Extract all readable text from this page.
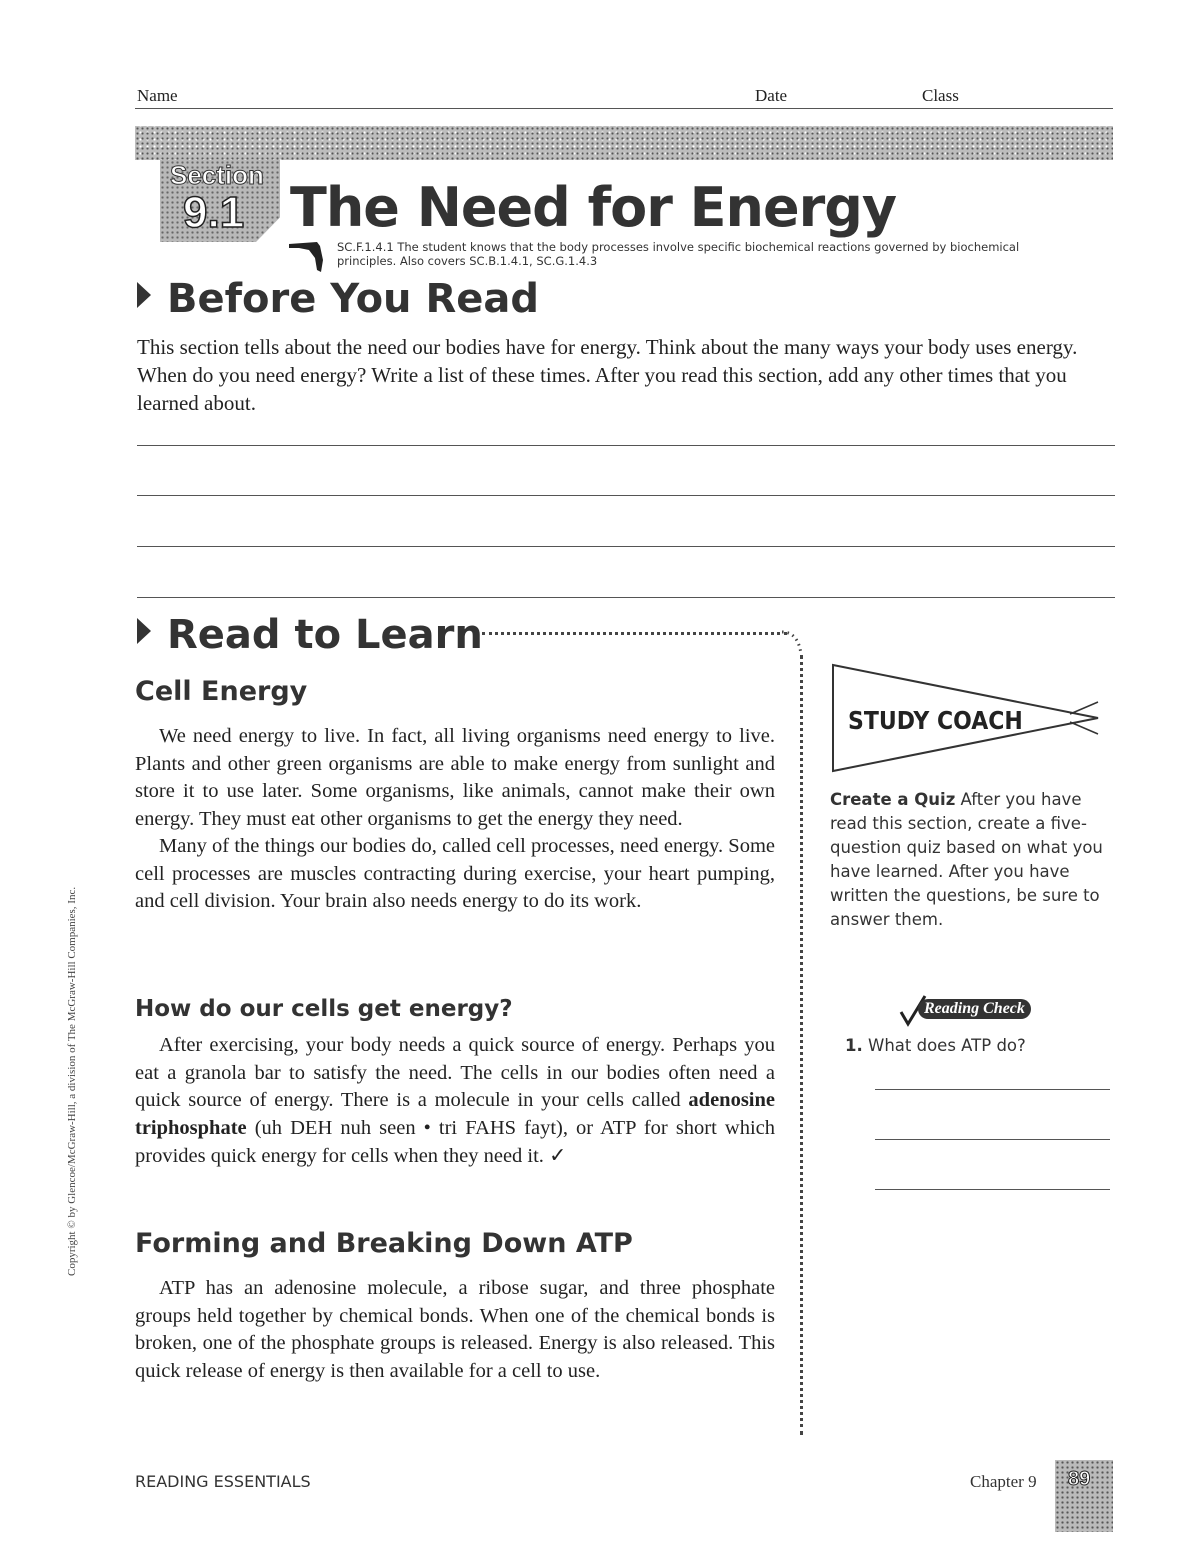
Name	Date	Class
Section
9.1 The Need for Energy
SC.F.1.4.1 The student knows that the body processes involve specific biochemical reactions governed by biochemical
principles. Also covers SC.B.1.4.1, SC.G.1.4.3
Before You Read
This section tells about the need our bodies have for energy. Think about the many ways your body uses energy. When do you need energy? Write a list of these times. After you read this section, add any other times that you learned about.
Read to Learn
Cell Energy

We need energy to live. In fact, all living organisms need energy to live. Plants and other green organisms are able to make energy from sunlight and store it to use later. Some organisms, like animals, cannot make their own energy. They must eat other organisms to get the energy they need.

Many of the things our bodies do, called cell processes, need energy. Some cell processes are muscles contracting during exercise, your heart pumping, and cell division. Your brain also needs energy to do its work.

How do our cells get energy?

After exercising, your body needs a quick source of energy. Perhaps you eat a granola bar to satisfy the need. The cells in our bodies often need a quick source of energy. There is a molecule in your cells called adenosine triphosphate (uh DEH nuh seen • tri FAHS fayt), or ATP for short which provides quick energy for cells when they need it. ✓

Forming and Breaking Down ATP

ATP has an adenosine molecule, a ribose sugar, and three phosphate groups held together by chemical bonds. When one of the chemical bonds is broken, one of the phosphate groups is released. Energy is also released. This quick release of energy is then available for a cell to use.

STUDY COACH
Create a Quiz After you have read this section, create a five-question quiz based on what you have learned. After you have written the questions, be sure to answer them.
Reading Check
1. What does ATP do?
Copyright © by Glencoe/McGraw-Hill, a division of The McGraw-Hill Companies, Inc.
READING ESSENTIALS	Chapter 9 89
